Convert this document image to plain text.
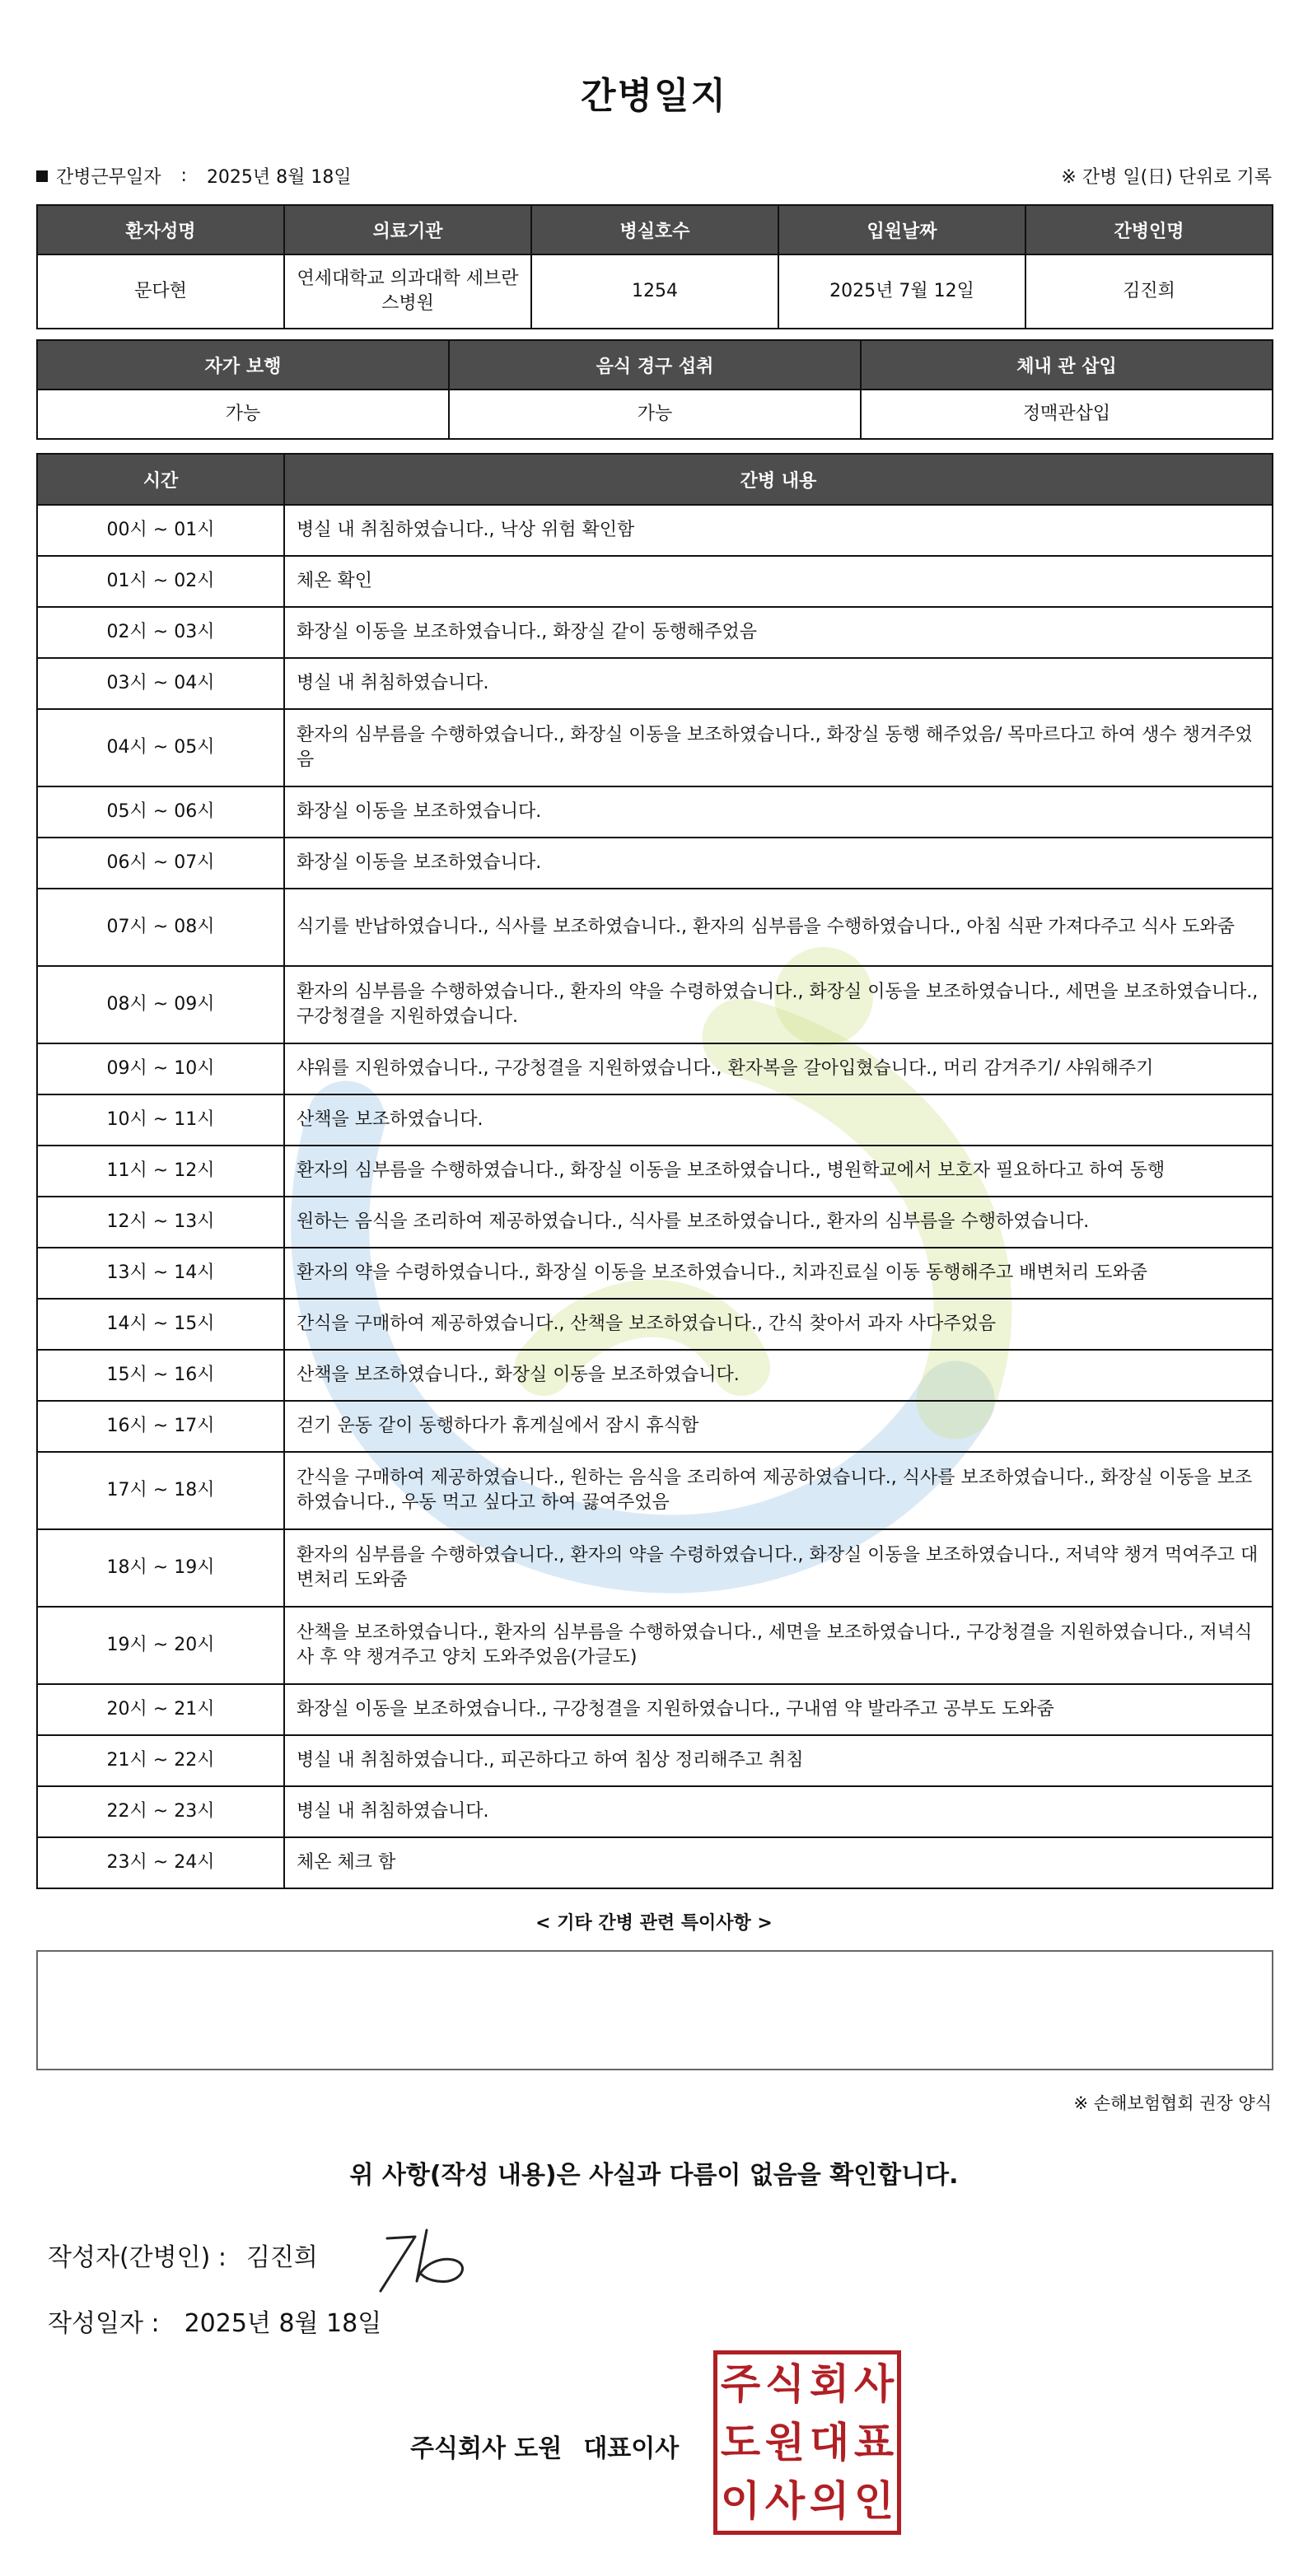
간병일지
간병근무일자 : 2025년 8월 18일	※ 간병 일(日) 단위로 기록
환자성명	의료기관	병실호수	입원날짜	간병인명
문다현	연세대학교 의과대학 세브란스병원	1254	2025년 7월 12일	김진희
자가 보행	음식 경구 섭취	체내 관 삽입
가능	가능	정맥관삽입
시간	간병 내용
00시 ~ 01시	병실 내 취침하였습니다., 낙상 위험 확인함
01시 ~ 02시	체온 확인
02시 ~ 03시	화장실 이동을 보조하였습니다., 화장실 같이 동행해주었음
03시 ~ 04시	병실 내 취침하였습니다.
04시 ~ 05시	환자의 심부름을 수행하였습니다., 화장실 이동을 보조하였습니다., 화장실 동행 해주었음/ 목마르다고 하여 생수 챙겨주었음
05시 ~ 06시	화장실 이동을 보조하였습니다.
06시 ~ 07시	화장실 이동을 보조하였습니다.
07시 ~ 08시	식기를 반납하였습니다., 식사를 보조하였습니다., 환자의 심부름을 수행하였습니다., 아침 식판 가져다주고 식사 도와줌
08시 ~ 09시	환자의 심부름을 수행하였습니다., 환자의 약을 수령하였습니다., 화장실 이동을 보조하였습니다., 세면을 보조하였습니다., 구강청결을 지원하였습니다.
09시 ~ 10시	샤워를 지원하였습니다., 구강청결을 지원하였습니다., 환자복을 갈아입혔습니다., 머리 감겨주기/ 샤워해주기
10시 ~ 11시	산책을 보조하였습니다.
11시 ~ 12시	환자의 심부름을 수행하였습니다., 화장실 이동을 보조하였습니다., 병원학교에서 보호자 필요하다고 하여 동행
12시 ~ 13시	원하는 음식을 조리하여 제공하였습니다., 식사를 보조하였습니다., 환자의 심부름을 수행하였습니다.
13시 ~ 14시	환자의 약을 수령하였습니다., 화장실 이동을 보조하였습니다., 치과진료실 이동 동행해주고 배변처리 도와줌
14시 ~ 15시	간식을 구매하여 제공하였습니다., 산책을 보조하였습니다., 간식 찾아서 과자 사다주었음
15시 ~ 16시	산책을 보조하였습니다., 화장실 이동을 보조하였습니다.
16시 ~ 17시	걷기 운동 같이 동행하다가 휴게실에서 잠시 휴식함
17시 ~ 18시	간식을 구매하여 제공하였습니다., 원하는 음식을 조리하여 제공하였습니다., 식사를 보조하였습니다., 화장실 이동을 보조하였습니다., 우동 먹고 싶다고 하여 끓여주었음
18시 ~ 19시	환자의 심부름을 수행하였습니다., 환자의 약을 수령하였습니다., 화장실 이동을 보조하였습니다., 저녁약 챙겨 먹여주고 대변처리 도와줌
19시 ~ 20시	산책을 보조하였습니다., 환자의 심부름을 수행하였습니다., 세면을 보조하였습니다., 구강청결을 지원하였습니다., 저녁식사 후 약 챙겨주고 양치 도와주었음(가글도)
20시 ~ 21시	화장실 이동을 보조하였습니다., 구강청결을 지원하였습니다., 구내염 약 발라주고 공부도 도와줌
21시 ~ 22시	병실 내 취침하였습니다., 피곤하다고 하여 침상 정리해주고 취침
22시 ~ 23시	병실 내 취침하였습니다.
23시 ~ 24시	체온 체크 함
< 기타 간병 관련 특이사항 >
※ 손해보험협회 권장 양식
위 사항(작성 내용)은 사실과 다름이 없음을 확인합니다.
작성자(간병인) : 김진희
작성일자 : 2025년 8월 18일
주식회사 도원 대표이사
주 식 회 사
도 원 대 표
이 사 의 인
